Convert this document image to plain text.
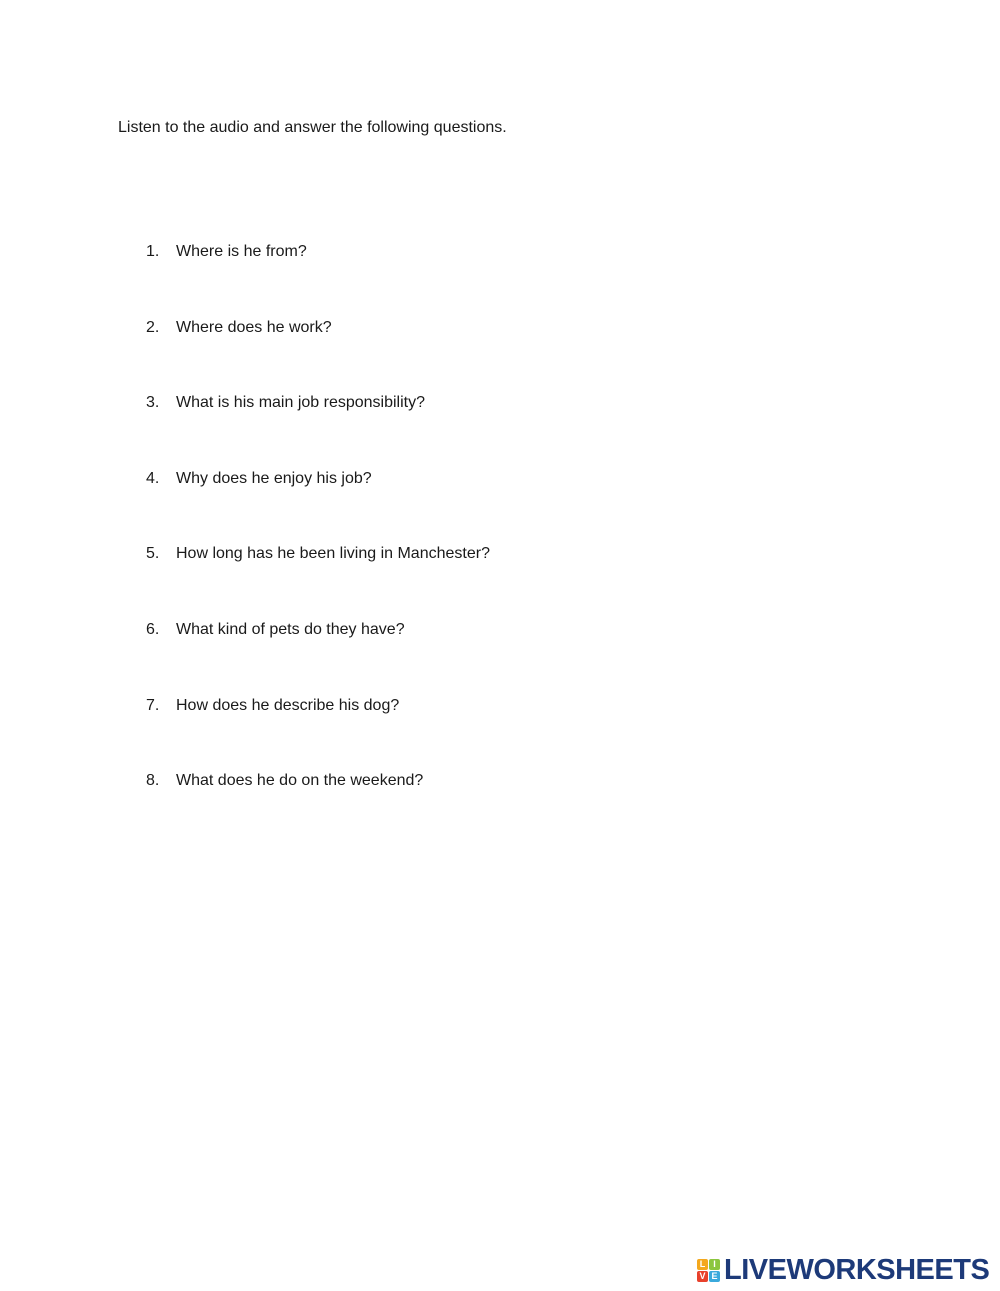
Listen to the audio and answer the following questions.

1. Where is he from?
2. Where does he work?
3. What is his main job responsibility?
4. Why does he enjoy his job?
5. How long has he been living in Manchester?
6. What kind of pets do they have?
7. How does he describe his dog?
8. What does he do on the weekend?
L I
V E LIVEWORKSHEETS
